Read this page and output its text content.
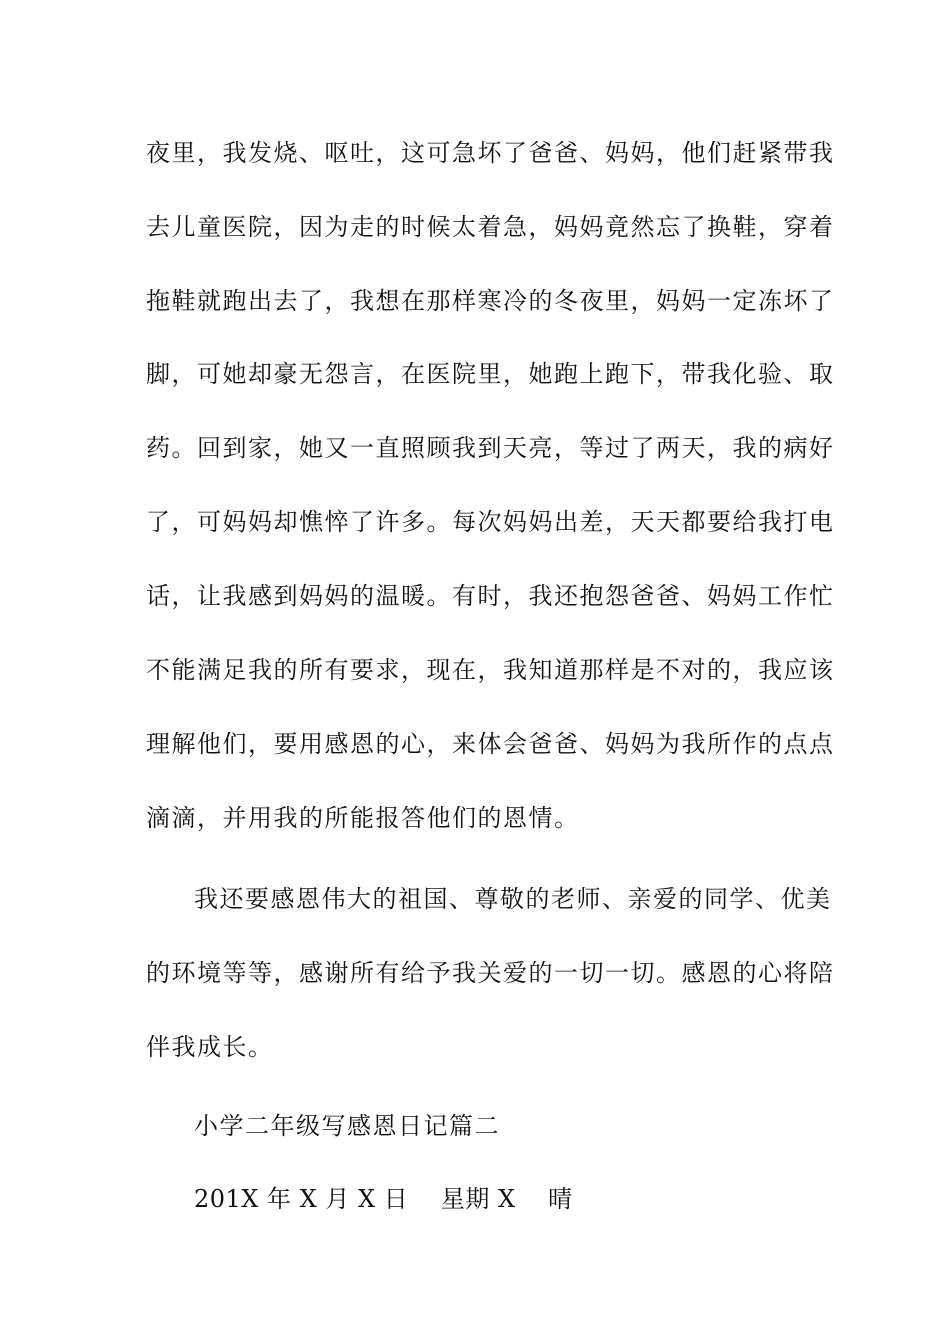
夜里，我发烧、呕吐，这可急坏了爸爸、妈妈，他们赶紧带我
去儿童医院，因为走的时候太着急，妈妈竟然忘了换鞋，穿着
拖鞋就跑出去了，我想在那样寒冷的冬夜里，妈妈一定冻坏了
脚，可她却豪无怨言，在医院里，她跑上跑下，带我化验、取
药。回到家，她又一直照顾我到天亮，等过了两天，我的病好
了，可妈妈却憔悴了许多。每次妈妈出差，天天都要给我打电
话，让我感到妈妈的温暖。有时，我还抱怨爸爸、妈妈工作忙
不能满足我的所有要求，现在，我知道那样是不对的，我应该
理解他们，要用感恩的心，来体会爸爸、妈妈为我所作的点点
滴滴，并用我的所能报答他们的恩情。
我还要感恩伟大的祖国、尊敬的老师、亲爱的同学、优美
的环境等等，感谢所有给予我关爱的一切一切。感恩的心将陪
伴我成长。
小学二年级写感恩日记篇二
201X 年 X 月 X 日　 星期 X　 晴
